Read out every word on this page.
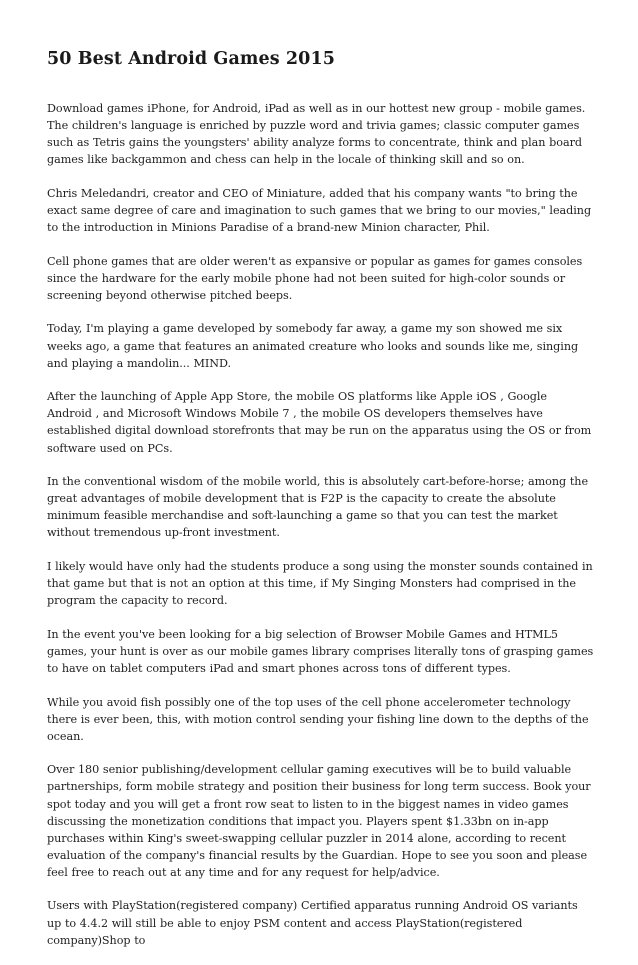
50 Best Android Games 2015

Download games iPhone, for Android, iPad as well as in our hottest new group - mobile games. The children's language is enriched by puzzle word and trivia games; classic computer games such as Tetris gains the youngsters' ability analyze forms to concentrate, think and plan board games like backgammon and chess can help in the locale of thinking skill and so on.

Chris Meledandri, creator and CEO of Miniature, added that his company wants "to bring the exact same degree of care and imagination to such games that we bring to our movies," leading to the introduction in Minions Paradise of a brand-new Minion character, Phil.

Cell phone games that are older weren't as expansive or popular as games for games consoles since the hardware for the early mobile phone had not been suited for high-color sounds or screening beyond otherwise pitched beeps.

Today, I'm playing a game developed by somebody far away, a game my son showed me six weeks ago, a game that features an animated creature who looks and sounds like me, singing and playing a mandolin... MIND.

After the launching of Apple App Store, the mobile OS platforms like Apple iOS , Google Android , and Microsoft Windows Mobile 7 , the mobile OS developers themselves have established digital download storefronts that may be run on the apparatus using the OS or from software used on PCs.

In the conventional wisdom of the mobile world, this is absolutely cart-before-horse; among the great advantages of mobile development that is F2P is the capacity to create the absolute minimum feasible merchandise and soft-launching a game so that you can test the market without tremendous up-front investment.

I likely would have only had the students produce a song using the monster sounds contained in that game but that is not an option at this time, if My Singing Monsters had comprised in the program the capacity to record.

In the event you've been looking for a big selection of Browser Mobile Games and HTML5 games, your hunt is over as our mobile games library comprises literally tons of grasping games to have on tablet computers iPad and smart phones across tons of different types.

While you avoid fish possibly one of the top uses of the cell phone accelerometer technology there is ever been, this, with motion control sending your fishing line down to the depths of the ocean.

Over 180 senior publishing/development cellular gaming executives will be to build valuable partnerships, form mobile strategy and position their business for long term success. Book your spot today and you will get a front row seat to listen to in the biggest names in video games discussing the monetization conditions that impact you. Players spent $1.33bn on in-app purchases within King's sweet-swapping cellular puzzler in 2014 alone, according to recent evaluation of the company's financial results by the Guardian. Hope to see you soon and please feel free to reach out at any time and for any request for help/advice.

Users with PlayStation(registered company) Certified apparatus running Android OS variants up to 4.4.2 will still be able to enjoy PSM content and access PlayStation(registered company)Shop to
